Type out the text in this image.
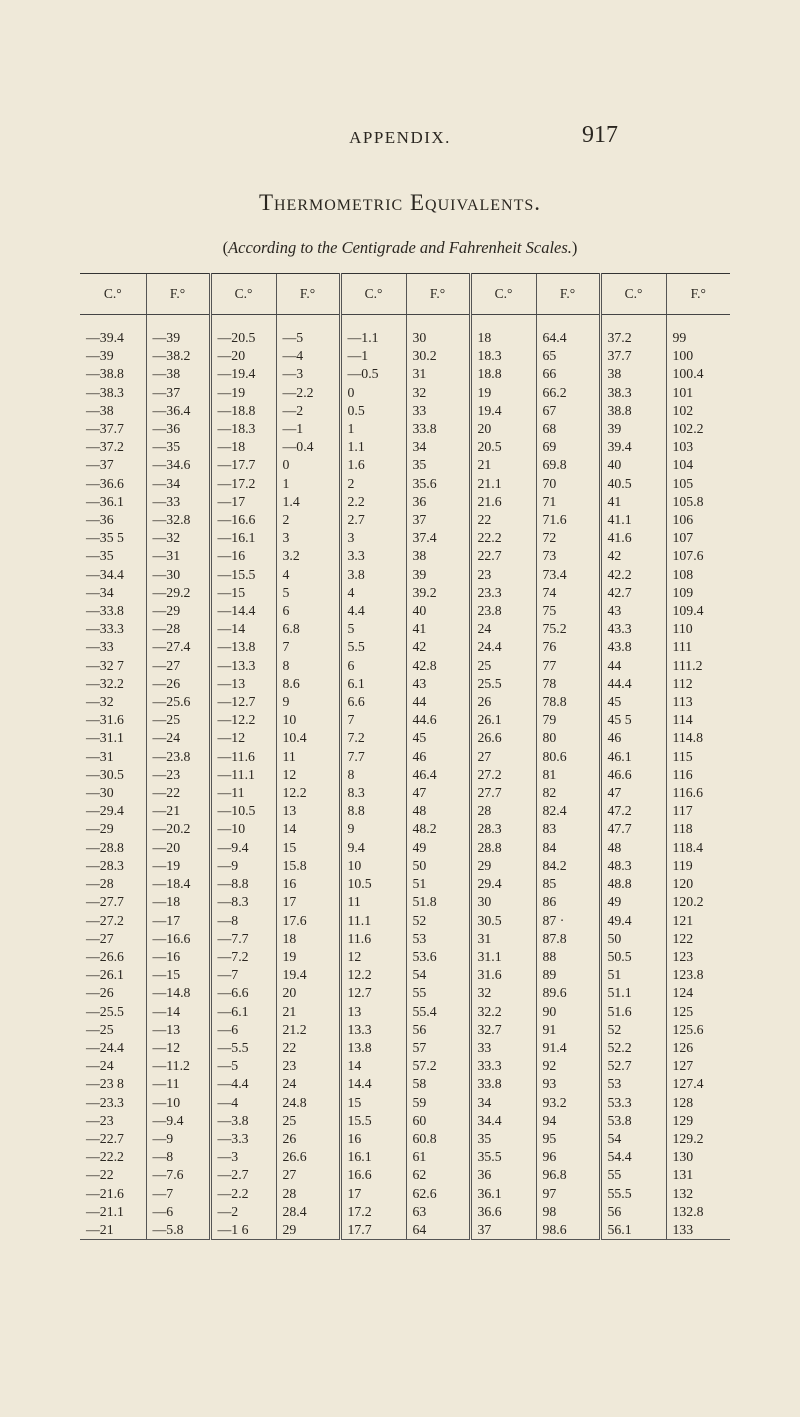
APPENDIX.	917
Thermometric Equivalents.
(According to the Centigrade and Fahrenheit Scales.)
C.°	F.°	C.°	F.°	C.°	F.°	C.°	F.°	C.°	F.°

—39.4	—39	—20.5	—5	—1.1	30	18	64.4	37.2	99
—39	—38.2	—20	—4	—1	30.2	18.3	65	37.7	100
—38.8	—38	—19.4	—3	—0.5	31	18.8	66	38	100.4
—38.3	—37	—19	—2.2	0	32	19	66.2	38.3	101
—38	—36.4	—18.8	—2	0.5	33	19.4	67	38.8	102
—37.7	—36	—18.3	—1	1	33.8	20	68	39	102.2
—37.2	—35	—18	—0.4	1.1	34	20.5	69	39.4	103
—37	—34.6	—17.7	0	1.6	35	21	69.8	40	104
—36.6	—34	—17.2	1	2	35.6	21.1	70	40.5	105
—36.1	—33	—17	1.4	2.2	36	21.6	71	41	105.8
—36	—32.8	—16.6	2	2.7	37	22	71.6	41.1	106
—35 5	—32	—16.1	3	3	37.4	22.2	72	41.6	107
—35	—31	—16	3.2	3.3	38	22.7	73	42	107.6
—34.4	—30	—15.5	4	3.8	39	23	73.4	42.2	108
—34	—29.2	—15	5	4	39.2	23.3	74	42.7	109
—33.8	—29	—14.4	6	4.4	40	23.8	75	43	109.4
—33.3	—28	—14	6.8	5	41	24	75.2	43.3	110
—33	—27.4	—13.8	7	5.5	42	24.4	76	43.8	111
—32 7	—27	—13.3	8	6	42.8	25	77	44	111.2
—32.2	—26	—13	8.6	6.1	43	25.5	78	44.4	112
—32	—25.6	—12.7	9	6.6	44	26	78.8	45	113
—31.6	—25	—12.2	10	7	44.6	26.1	79	45 5	114
—31.1	—24	—12	10.4	7.2	45	26.6	80	46	114.8
—31	—23.8	—11.6	11	7.7	46	27	80.6	46.1	115
—30.5	—23	—11.1	12	8	46.4	27.2	81	46.6	116
—30	—22	—11	12.2	8.3	47	27.7	82	47	116.6
—29.4	—21	—10.5	13	8.8	48	28	82.4	47.2	117
—29	—20.2	—10	14	9	48.2	28.3	83	47.7	118
—28.8	—20	—9.4	15	9.4	49	28.8	84	48	118.4
—28.3	—19	—9	15.8	10	50	29	84.2	48.3	119
—28	—18.4	—8.8	16	10.5	51	29.4	85	48.8	120
—27.7	—18	—8.3	17	11	51.8	30	86	49	120.2
—27.2	—17	—8	17.6	11.1	52	30.5	87 ·	49.4	121
—27	—16.6	—7.7	18	11.6	53	31	87.8	50	122
—26.6	—16	—7.2	19	12	53.6	31.1	88	50.5	123
—26.1	—15	—7	19.4	12.2	54	31.6	89	51	123.8
—26	—14.8	—6.6	20	12.7	55	32	89.6	51.1	124
—25.5	—14	—6.1	21	13	55.4	32.2	90	51.6	125
—25	—13	—6	21.2	13.3	56	32.7	91	52	125.6
—24.4	—12	—5.5	22	13.8	57	33	91.4	52.2	126
—24	—11.2	—5	23	14	57.2	33.3	92	52.7	127
—23 8	—11	—4.4	24	14.4	58	33.8	93	53	127.4
—23.3	—10	—4	24.8	15	59	34	93.2	53.3	128
—23	—9.4	—3.8	25	15.5	60	34.4	94	53.8	129
—22.7	—9	—3.3	26	16	60.8	35	95	54	129.2
—22.2	—8	—3	26.6	16.1	61	35.5	96	54.4	130
—22	—7.6	—2.7	27	16.6	62	36	96.8	55	131
—21.6	—7	—2.2	28	17	62.6	36.1	97	55.5	132
—21.1	—6	—2	28.4	17.2	63	36.6	98	56	132.8
—21	—5.8	—1 6	29	17.7	64	37	98.6	56.1	133
